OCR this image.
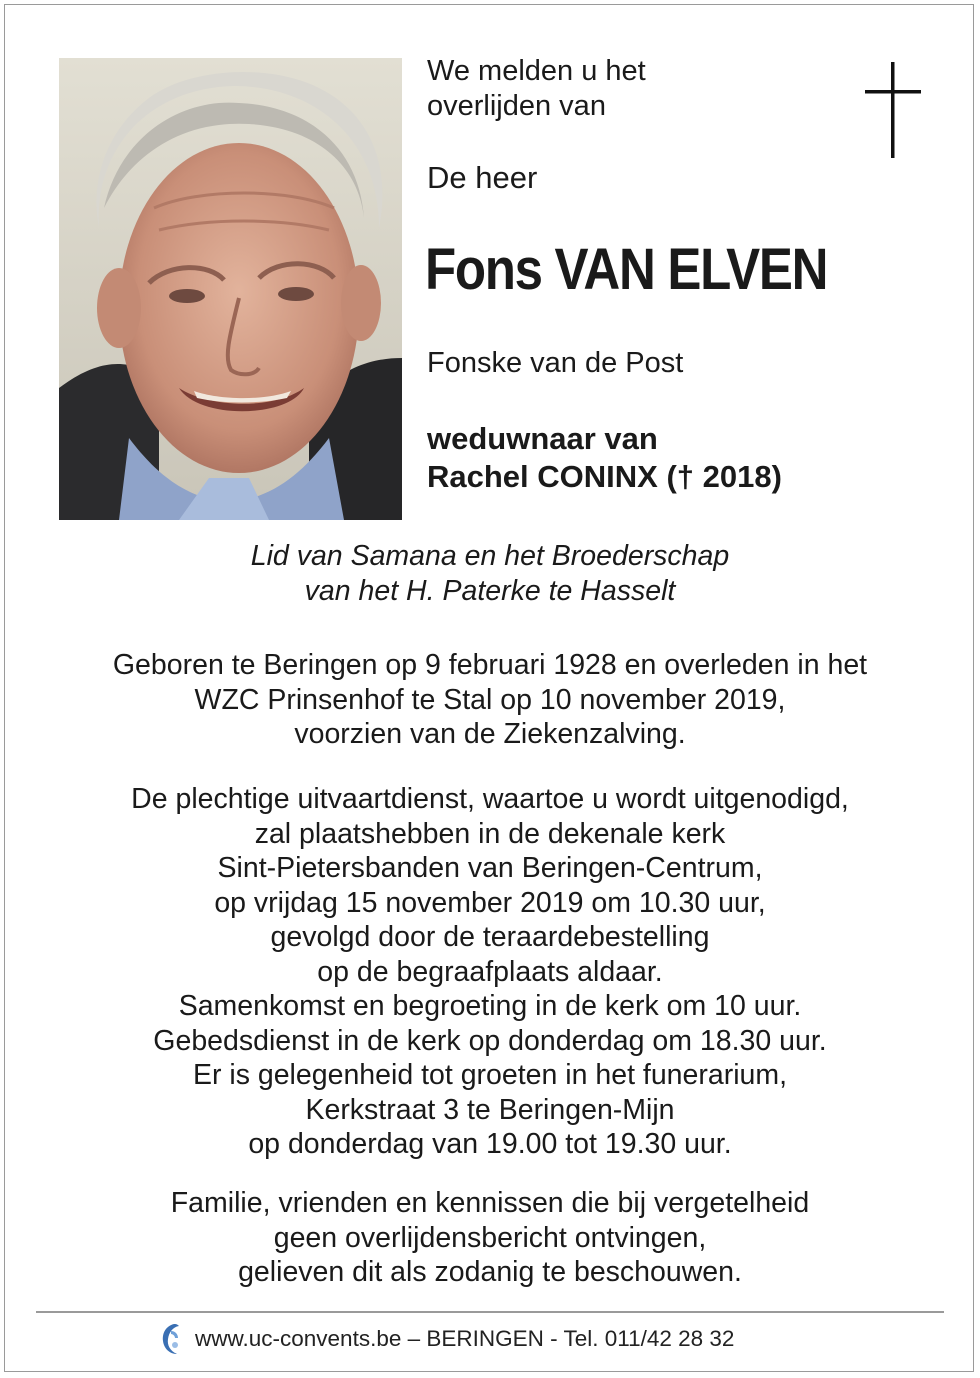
We melden u het
overlijden van
De heer
Fons VAN ELVEN
Fonske van de Post
weduwnaar van
Rachel CONINX († 2018)
Lid van Samana en het Broederschap
van het H. Paterke te Hasselt
Geboren te Beringen op 9 februari 1928 en overleden in het
WZC Prinsenhof te Stal op 10 november 2019,
voorzien van de Ziekenzalving.
De plechtige uitvaartdienst, waartoe u wordt uitgenodigd,
zal plaatshebben in de dekenale kerk
Sint-Pietersbanden van Beringen-Centrum,
op vrijdag 15 november 2019 om 10.30 uur,
gevolgd door de teraardebestelling
op de begraafplaats aldaar.
Samenkomst en begroeting in de kerk om 10 uur.
Gebedsdienst in de kerk op donderdag om 18.30 uur.
Er is gelegenheid tot groeten in het funerarium,
Kerkstraat 3 te Beringen-Mijn
op donderdag van 19.00 tot 19.30 uur.
Familie, vrienden en kennissen die bij vergetelheid
geen overlijdensbericht ontvingen,
gelieven dit als zodanig te beschouwen.
www.uc-convents.be – BERINGEN - Tel. 011/42 28 32
